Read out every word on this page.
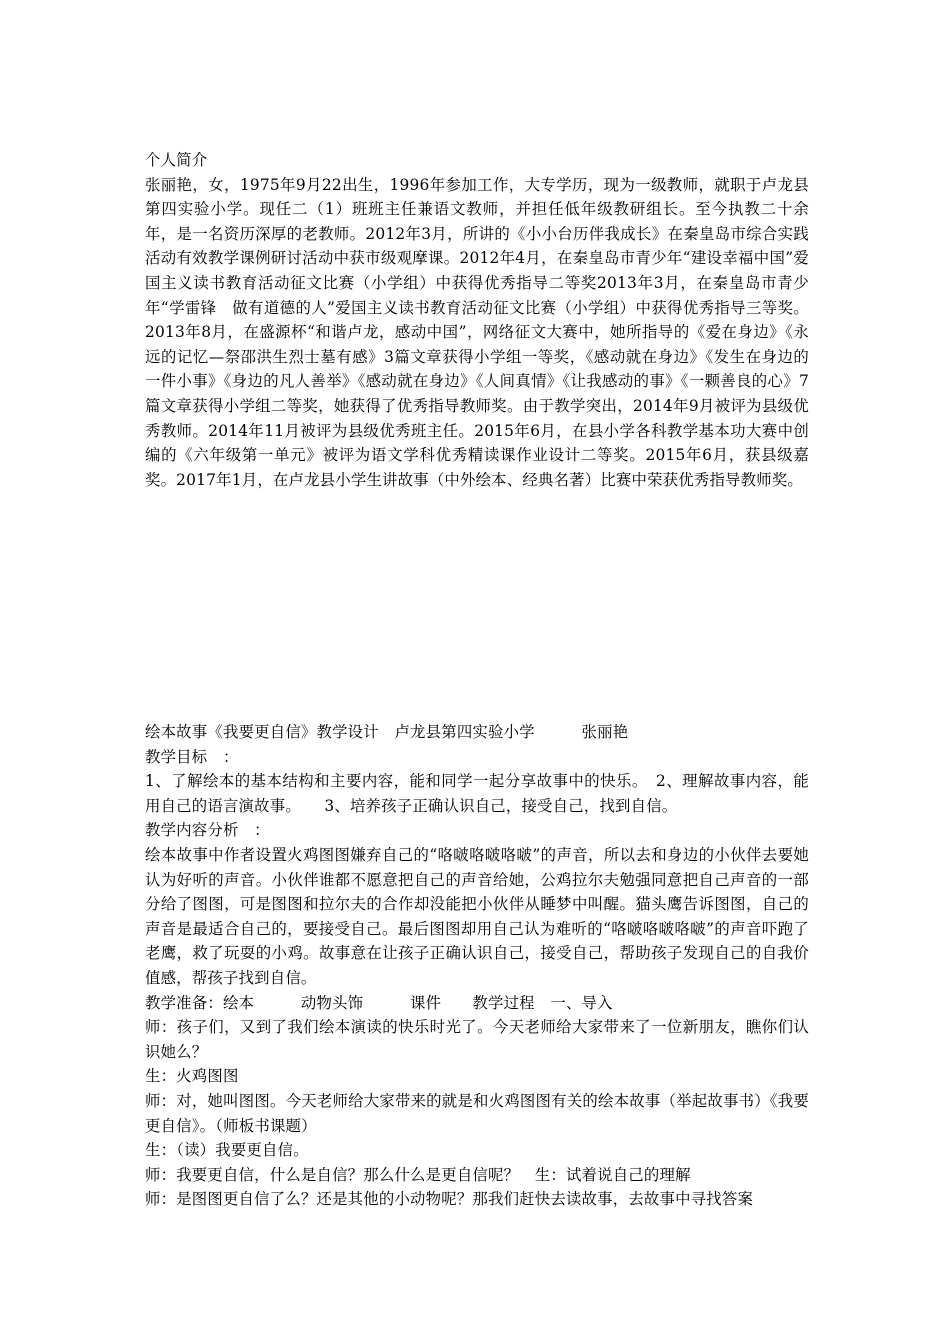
个人简介

张丽艳，女，1975年9月22出生，1996年参加工作，大专学历，现为一级教师，就职于卢龙县第四实验小学。现任二（1）班班主任兼语文教师，并担任低年级教研组长。至今执教二十余年，是一名资历深厚的老教师。2012年3月，所讲的《小小台历伴我成长》在秦皇岛市综合实践活动有效教学课例研讨活动中获市级观摩课。2012年4月，在秦皇岛市青少年“建设幸福中国”爱国主义读书教育活动征文比赛（小学组）中获得优秀指导二等奖2013年3月，在秦皇岛市青少年“学雷锋　做有道德的人”爱国主义读书教育活动征文比赛（小学组）中获得优秀指导三等奖。2013年8月，在盛源杯“和谐卢龙，感动中国”，网络征文大赛中，她所指导的《爱在身边》《永远的记忆—祭邵洪生烈士墓有感》3篇文章获得小学组一等奖，《感动就在身边》《发生在身边的一件小事》《身边的凡人善举》《感动就在身边》《人间真情》《让我感动的事》《一颗善良的心》7篇文章获得小学组二等奖，她获得了优秀指导教师奖。由于教学突出，2014年9月被评为县级优秀教师。2014年11月被评为县级优秀班主任。2015年6月，在县小学各科教学基本功大赛中创编的《六年级第一单元》被评为语文学科优秀精读课作业设计二等奖。2015年6月，获县级嘉奖。2017年1月，在卢龙县小学生讲故事（中外绘本、经典名著）比赛中荣获优秀指导教师奖。

绘本故事《我要更自信》教学设计　卢龙县第四实验小学　　　张丽艳

教学目标　：

1、了解绘本的基本结构和主要内容，能和同学一起分享故事中的快乐。　2、理解故事内容，能用自己的语言演故事。　　3、培养孩子正确认识自己，接受自己，找到自信。

教学内容分析　：

绘本故事中作者设置火鸡图图嫌弃自己的“咯啵咯啵咯啵”的声音，所以去和身边的小伙伴去要她认为好听的声音。小伙伴谁都不愿意把自己的声音给她，公鸡拉尔夫勉强同意把自己声音的一部分给了图图，可是图图和拉尔夫的合作却没能把小伙伴从睡梦中叫醒。猫头鹰告诉图图，自己的声音是最适合自己的，要接受自己。最后图图却用自己认为难听的“咯啵咯啵咯啵”的声音吓跑了老鹰，救了玩耍的小鸡。故事意在让孩子正确认识自己，接受自己，帮助孩子发现自己的自我价值感，帮孩子找到自信。

教学准备：绘本　　　动物头饰　　　课件　　教学过程　一、导入

师：孩子们，又到了我们绘本演读的快乐时光了。今天老师给大家带来了一位新朋友，瞧你们认识她么？

生：火鸡图图

师：对，她叫图图。今天老师给大家带来的就是和火鸡图图有关的绘本故事（举起故事书）《我要更自信》。（师板书课题）

生：（读）我要更自信。

师：我要更自信，什么是自信？那么什么是更自信呢？　生：试着说自己的理解

师：是图图更自信了么？还是其他的小动物呢？那我们赶快去读故事，去故事中寻找答案
